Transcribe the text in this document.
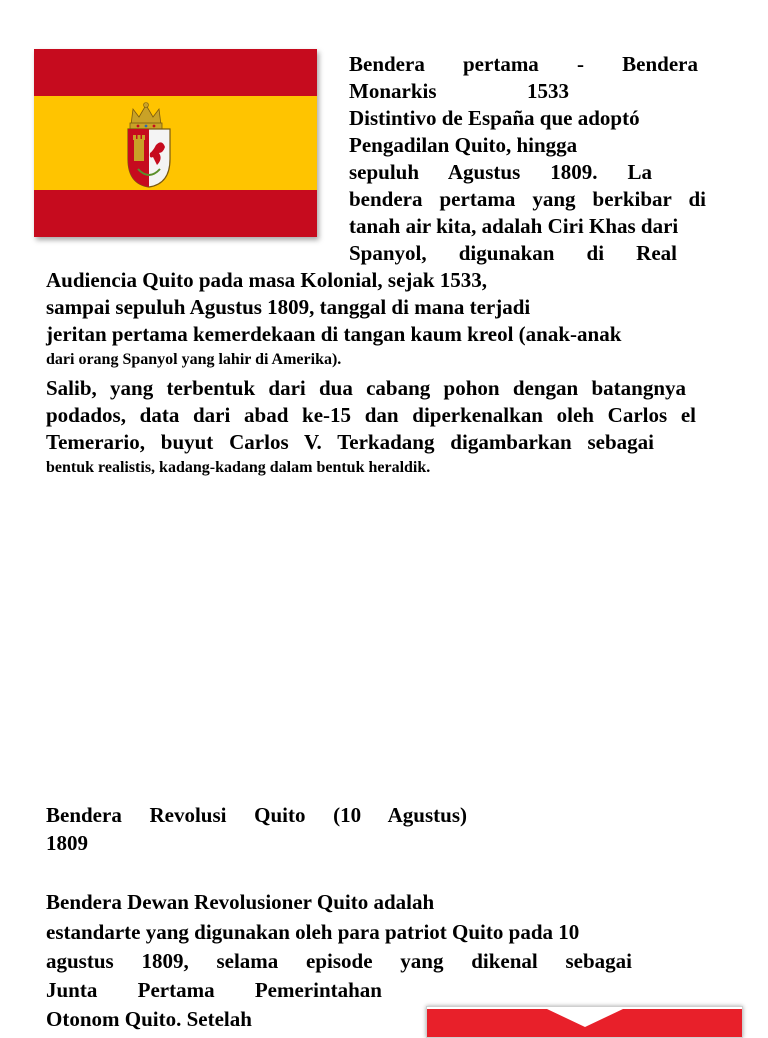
Bendera pertama - Bendera
Monarkis	1533
Distintivo de España que adoptó
Pengadilan Quito, hingga
sepuluh Agustus 1809. La
bendera pertama yang berkibar di
tanah air kita, adalah Ciri Khas dari
Spanyol, digunakan di Real
Audiencia Quito pada masa Kolonial, sejak 1533,
sampai sepuluh Agustus 1809, tanggal di mana terjadi
jeritan pertama kemerdekaan di tangan kaum kreol (anak-anak
dari orang Spanyol yang lahir di Amerika).
Salib, yang terbentuk dari dua cabang pohon dengan batangnya
podados, data dari abad ke-15 dan diperkenalkan oleh Carlos el
Temerario, buyut Carlos V. Terkadang digambarkan sebagai
bentuk realistis, kadang-kadang dalam bentuk heraldik.
Bendera Revolusi Quito (10 Agustus)
1809
Bendera Dewan Revolusioner Quito adalah
estandarte yang digunakan oleh para patriot Quito pada 10
agustus 1809, selama episode yang dikenal sebagai
Junta Pertama Pemerintahan
Otonom Quito. Setelah
